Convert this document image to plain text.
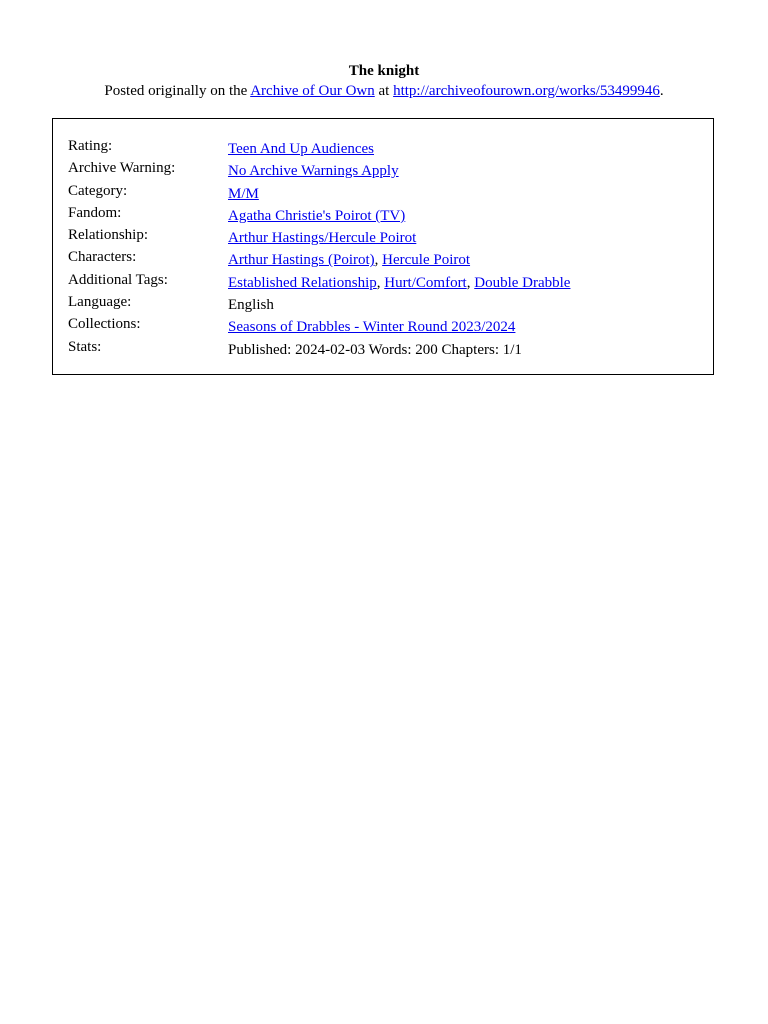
The knight
Posted originally on the Archive of Our Own at http://archiveofourown.org/works/53499946.
Rating:	Teen And Up Audiences
Archive Warning:	No Archive Warnings Apply
Category:	M/M
Fandom:	Agatha Christie's Poirot (TV)
Relationship:	Arthur Hastings/Hercule Poirot
Characters:	Arthur Hastings (Poirot), Hercule Poirot
Additional Tags:	Established Relationship, Hurt/Comfort, Double Drabble
Language:	English
Collections:	Seasons of Drabbles - Winter Round 2023/2024
Stats:	Published: 2024-02-03 Words: 200 Chapters: 1/1
